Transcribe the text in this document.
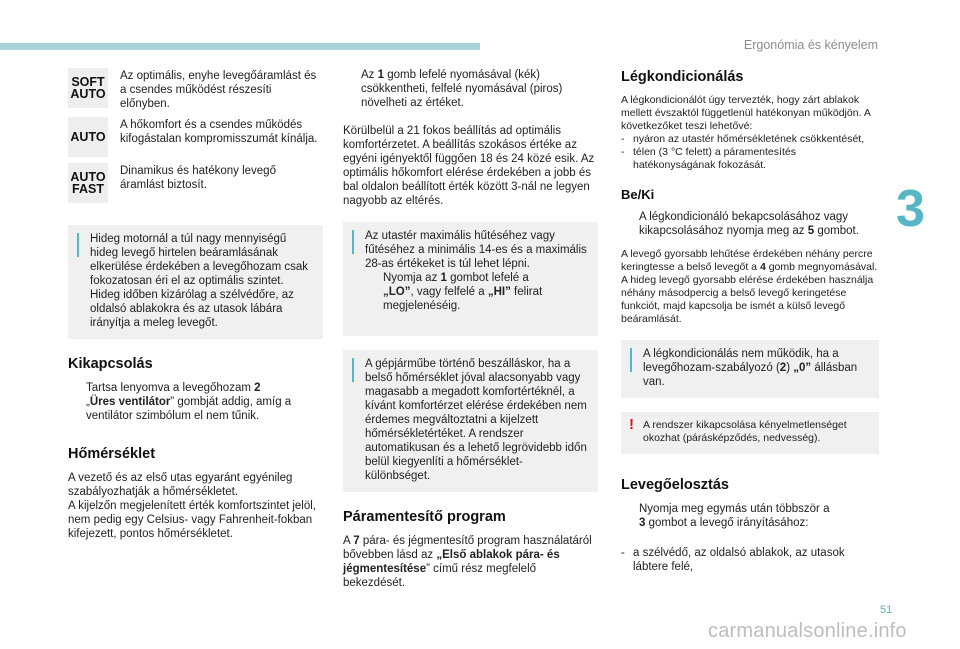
Ergonómia és kényelem
3
51
carmanualsonline.info
SOFT
AUTO
Az optimális, enyhe levegőáramlást és a csendes működést részesíti előnyben.
AUTO
A hőkomfort és a csendes működés kifogástalan kompromisszumát kínálja.
AUTO
FAST
Dinamikus és hatékony levegő áramlást biztosít.

Hideg motornál a túl nagy mennyiségű hideg levegő hirtelen beáramlásának elkerülése érdekében a levegőhozam csak fokozatosan éri el az optimális szintet.

Hideg időben kizárólag a szélvédőre, az oldalsó ablakokra és az utasok lábára irányítja a meleg levegőt.

Kikapcsolás
Tartsa lenyomva a levegőhozam 2
„Üres ventilátor” gombját addig, amíg a ventilátor szimbólum el nem tűnik.
Hőmérséklet

A vezető és az első utas egyaránt egyénileg szabályozhatják a hőmérsékletet.

A kijelzőn megjelenített érték komfortszintet jelöl, nem pedig egy Celsius- vagy Fahrenheit-fokban kifejezett, pontos hőmérsékletet.

Az 1 gomb lefelé nyomásával (kék) csökkentheti, felfelé nyomásával (piros) növelheti az értéket.

Körülbelül a 21 fokos beállítás ad optimális komfortérzetet. A beállítás szokásos értéke az egyéni igényektől függően 18 és 24 közé esik. Az optimális hőkomfort elérése érdekében a jobb és bal oldalon beállított érték között 3-nál ne legyen nagyobb az eltérés.

Az utastér maximális hűtéséhez vagy fűtéséhez a minimális 14-es és a maximális 28-as értékeket is túl lehet lépni.

Nyomja az 1 gombot lefelé a
„LO”, vagy felfelé a „HI” felirat megjelenéséig.

A gépjárműbe történő beszálláskor, ha a belső hőmérséklet jóval alacsonyabb vagy magasabb a megadott komfortértéknél, a kívánt komfortérzet elérése érdekében nem érdemes megváltoztatni a kijelzett hőmérsékletértéket. A rendszer automatikusan és a lehető legrövidebb időn belül kiegyenlíti a hőmérséklet-különbséget.

Páramentesítő program

A 7 pára- és jégmentesítő program használatáról bővebben lásd az „Első ablakok pára- és jégmentesítése” című rész megfelelő bekezdését.

Légkondicionálás

A légkondicionálót úgy tervezték, hogy zárt ablakok mellett évszaktól függetlenül hatékonyan működjön. A következőket teszi lehetővé:

- nyáron az utastér hőmérsékletének csökkentését,
- télen (3 °C felett) a páramentesítés hatékonyságának fokozását.
Be/Ki
A légkondicionáló bekapcsolásához vagy kikapcsolásához nyomja meg az 5 gombot.

A levegő gyorsabb lehűtése érdekében néhány percre keringtesse a belső levegőt a 4 gomb megnyomásával. A hideg levegő gyorsabb elérése érdekében használja néhány másodpercig a belső levegő keringetése funkciót, majd kapcsolja be ismét a külső levegő beáramlását.

A légkondicionálás nem működik, ha a levegőhozam-szabályozó (2) „0” állásban van.

! A rendszer kikapcsolása kényelmetlenséget okozhat (párásképződés, nedvesség).

Levegőelosztás
Nyomja meg egymás után többször a
3 gombot a levegő irányításához:
- a szélvédő, az oldalsó ablakok, az utasok lábtere felé,
